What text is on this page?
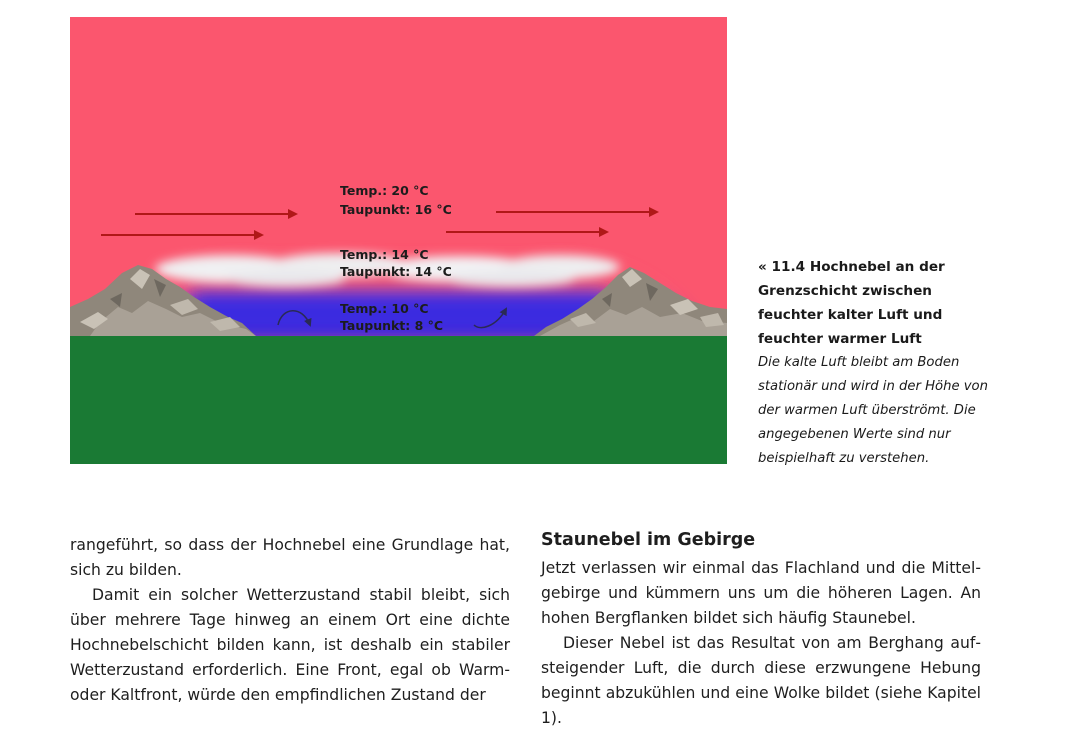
Temp.: 20 °C
Taupunkt: 16 °C
Temp.: 14 °C
Taupunkt: 14 °C
Temp.: 10 °C
Taupunkt: 8 °C
« 11.4 Hochnebel an der Grenzschicht zwischen feuchter kalter Luft und feuchter warmer Luft
Die kalte Luft bleibt am Boden stationär und wird in der Höhe von der warmen Luft überströmt. Die angegebenen Werte sind nur beispielhaft zu verstehen.

rangeführt, so dass der Hochnebel eine Grundlage hat, sich zu bilden.

Damit ein solcher Wetterzustand stabil bleibt, sich über mehrere Tage hinweg an einem Ort eine dichte Hochnebelschicht bilden kann, ist deshalb ein stabiler Wetterzustand erforderlich. Eine Front, egal ob Warmoder Kaltfront, würde den empfindlichen Zustand der

Staunebel im Gebirge

Jetzt verlassen wir einmal das Flachland und die Mittelgebirge und kümmern uns um die höheren Lagen. An hohen Bergflanken bildet sich häufig Staunebel.

Dieser Nebel ist das Resultat von am Berghang aufsteigender Luft, die durch diese erzwungene Hebung beginnt abzukühlen und eine Wolke bildet (siehe Kapitel 1).
